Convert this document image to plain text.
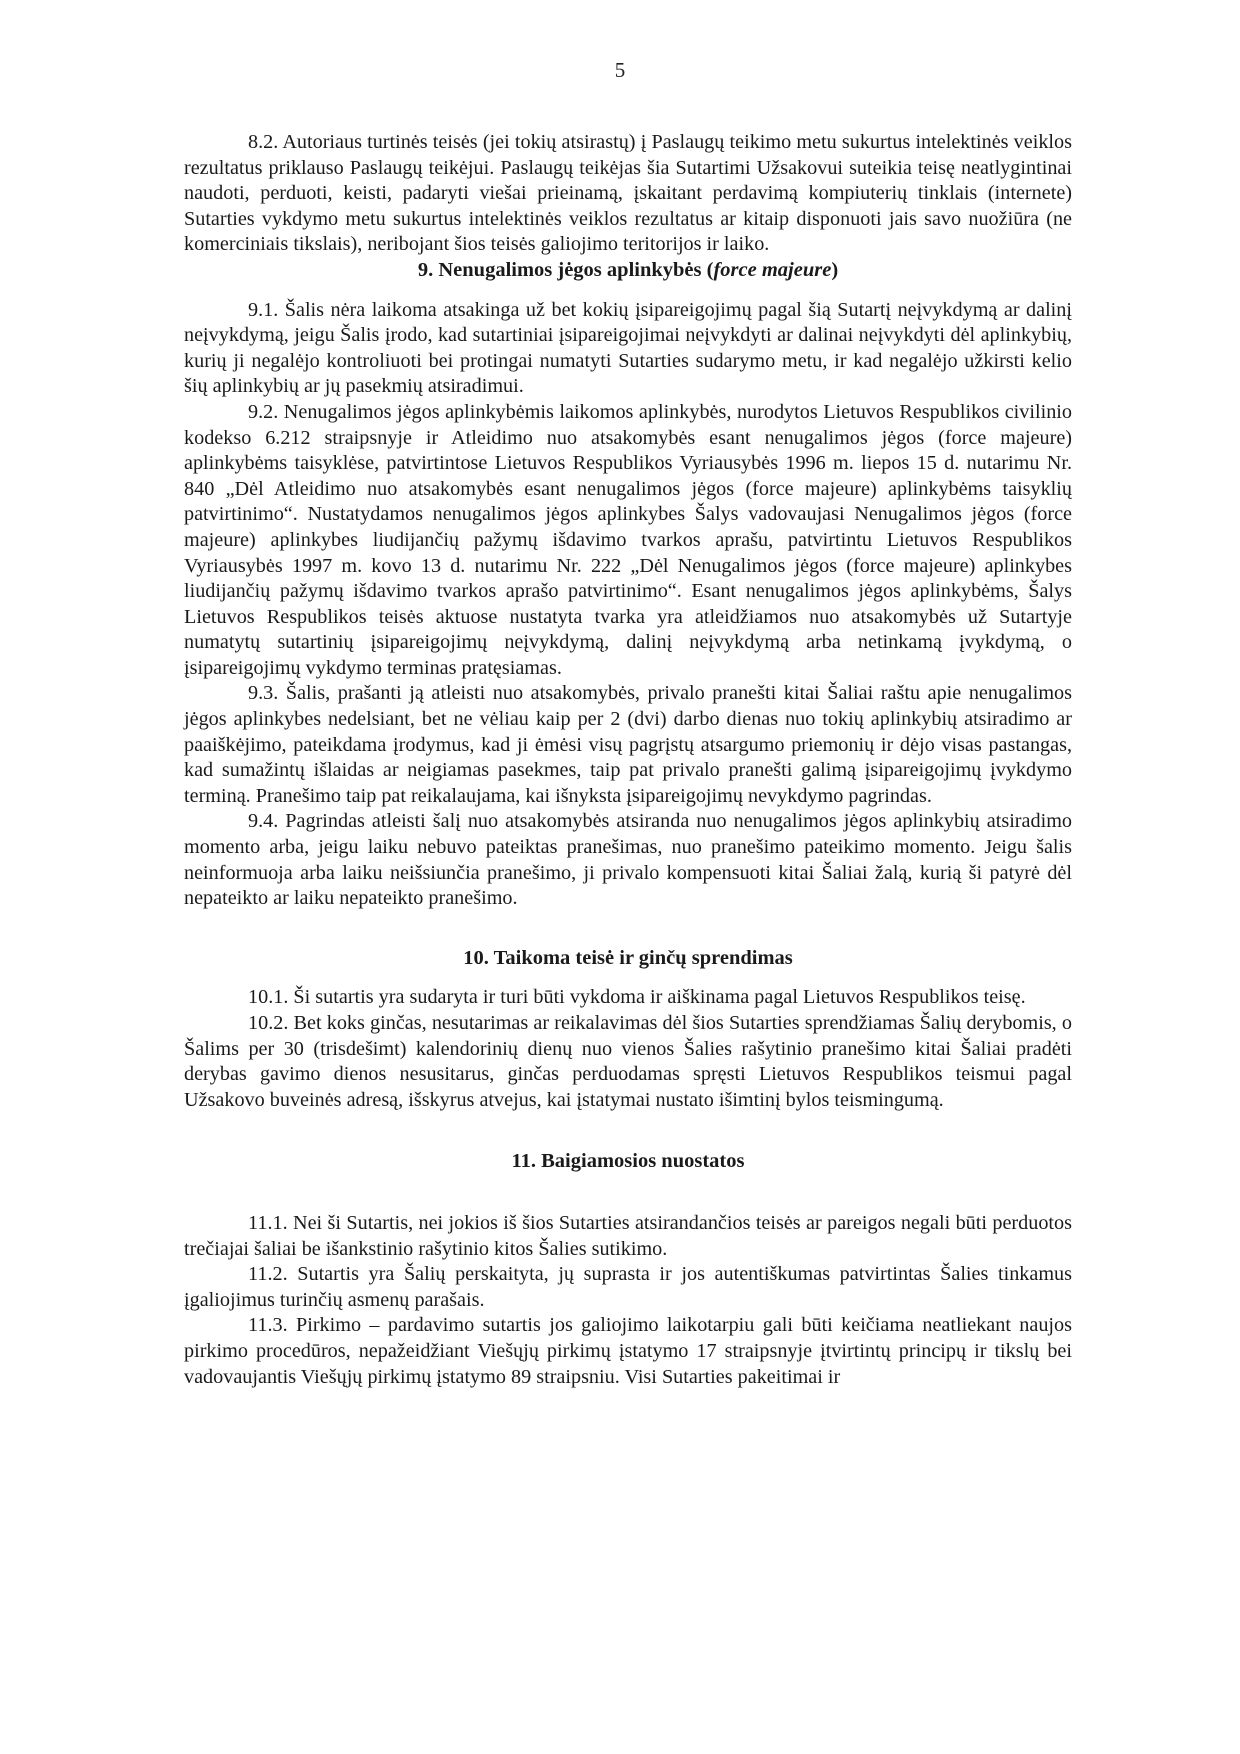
5

8.2. Autoriaus turtinės teisės (jei tokių atsirastų) į Paslaugų teikimo metu sukurtus intelektinės veiklos rezultatus priklauso Paslaugų teikėjui. Paslaugų teikėjas šia Sutartimi Užsakovui suteikia teisę neatlygintinai naudoti, perduoti, keisti, padaryti viešai prieinamą, įskaitant perdavimą kompiuterių tinklais (internete) Sutarties vykdymo metu sukurtus intelektinės veiklos rezultatus ar kitaip disponuoti jais savo nuožiūra (ne komerciniais tikslais), neribojant šios teisės galiojimo teritorijos ir laiko.

9. Nenugalimos jėgos aplinkybės (force majeure)

9.1. Šalis nėra laikoma atsakinga už bet kokių įsipareigojimų pagal šią Sutartį neįvykdymą ar dalinį neįvykdymą, jeigu Šalis įrodo, kad sutartiniai įsipareigojimai neįvykdyti ar dalinai neįvykdyti dėl aplinkybių, kurių ji negalėjo kontroliuoti bei protingai numatyti Sutarties sudarymo metu, ir kad negalėjo užkirsti kelio šių aplinkybių ar jų pasekmių atsiradimui.

9.2. Nenugalimos jėgos aplinkybėmis laikomos aplinkybės, nurodytos Lietuvos Respublikos civilinio kodekso 6.212 straipsnyje ir Atleidimo nuo atsakomybės esant nenugalimos jėgos (force majeure) aplinkybėms taisyklėse, patvirtintose Lietuvos Respublikos Vyriausybės 1996 m. liepos 15 d. nutarimu Nr. 840 „Dėl Atleidimo nuo atsakomybės esant nenugalimos jėgos (force majeure) aplinkybėms taisyklių patvirtinimo“. Nustatydamos nenugalimos jėgos aplinkybes Šalys vadovaujasi Nenugalimos jėgos (force majeure) aplinkybes liudijančių pažymų išdavimo tvarkos aprašu, patvirtintu Lietuvos Respublikos Vyriausybės 1997 m. kovo 13 d. nutarimu Nr. 222 „Dėl Nenugalimos jėgos (force majeure) aplinkybes liudijančių pažymų išdavimo tvarkos aprašo patvirtinimo“. Esant nenugalimos jėgos aplinkybėms, Šalys Lietuvos Respublikos teisės aktuose nustatyta tvarka yra atleidžiamos nuo atsakomybės už Sutartyje numatytų sutartinių įsipareigojimų neįvykdymą, dalinį neįvykdymą arba netinkamą įvykdymą, o įsipareigojimų vykdymo terminas pratęsiamas.

9.3. Šalis, prašanti ją atleisti nuo atsakomybės, privalo pranešti kitai Šaliai raštu apie nenugalimos jėgos aplinkybes nedelsiant, bet ne vėliau kaip per 2 (dvi) darbo dienas nuo tokių aplinkybių atsiradimo ar paaiškėjimo, pateikdama įrodymus, kad ji ėmėsi visų pagrįstų atsargumo priemonių ir dėjo visas pastangas, kad sumažintų išlaidas ar neigiamas pasekmes, taip pat privalo pranešti galimą įsipareigojimų įvykdymo terminą. Pranešimo taip pat reikalaujama, kai išnyksta įsipareigojimų nevykdymo pagrindas.

9.4. Pagrindas atleisti šalį nuo atsakomybės atsiranda nuo nenugalimos jėgos aplinkybių atsiradimo momento arba, jeigu laiku nebuvo pateiktas pranešimas, nuo pranešimo pateikimo momento. Jeigu šalis neinformuoja arba laiku neišsiunčia pranešimo, ji privalo kompensuoti kitai Šaliai žalą, kurią ši patyrė dėl nepateikto ar laiku nepateikto pranešimo.

10. Taikoma teisė ir ginčų sprendimas

10.1. Ši sutartis yra sudaryta ir turi būti vykdoma ir aiškinama pagal Lietuvos Respublikos teisę.

10.2. Bet koks ginčas, nesutarimas ar reikalavimas dėl šios Sutarties sprendžiamas Šalių derybomis, o Šalims per 30 (trisdešimt) kalendorinių dienų nuo vienos Šalies rašytinio pranešimo kitai Šaliai pradėti derybas gavimo dienos nesusitarus, ginčas perduodamas spręsti Lietuvos Respublikos teismui pagal Užsakovo buveinės adresą, išskyrus atvejus, kai įstatymai nustato išimtinį bylos teismingumą.

11. Baigiamosios nuostatos

11.1. Nei ši Sutartis, nei jokios iš šios Sutarties atsirandančios teisės ar pareigos negali būti perduotos trečiajai šaliai be išankstinio rašytinio kitos Šalies sutikimo.

11.2. Sutartis yra Šalių perskaityta, jų suprasta ir jos autentiškumas patvirtintas Šalies tinkamus įgaliojimus turinčių asmenų parašais.

11.3. Pirkimo – pardavimo sutartis jos galiojimo laikotarpiu gali būti keičiama neatliekant naujos pirkimo procedūros, nepažeidžiant Viešųjų pirkimų įstatymo 17 straipsnyje įtvirtintų principų ir tikslų bei vadovaujantis Viešųjų pirkimų įstatymo 89 straipsniu. Visi Sutarties pakeitimai ir
